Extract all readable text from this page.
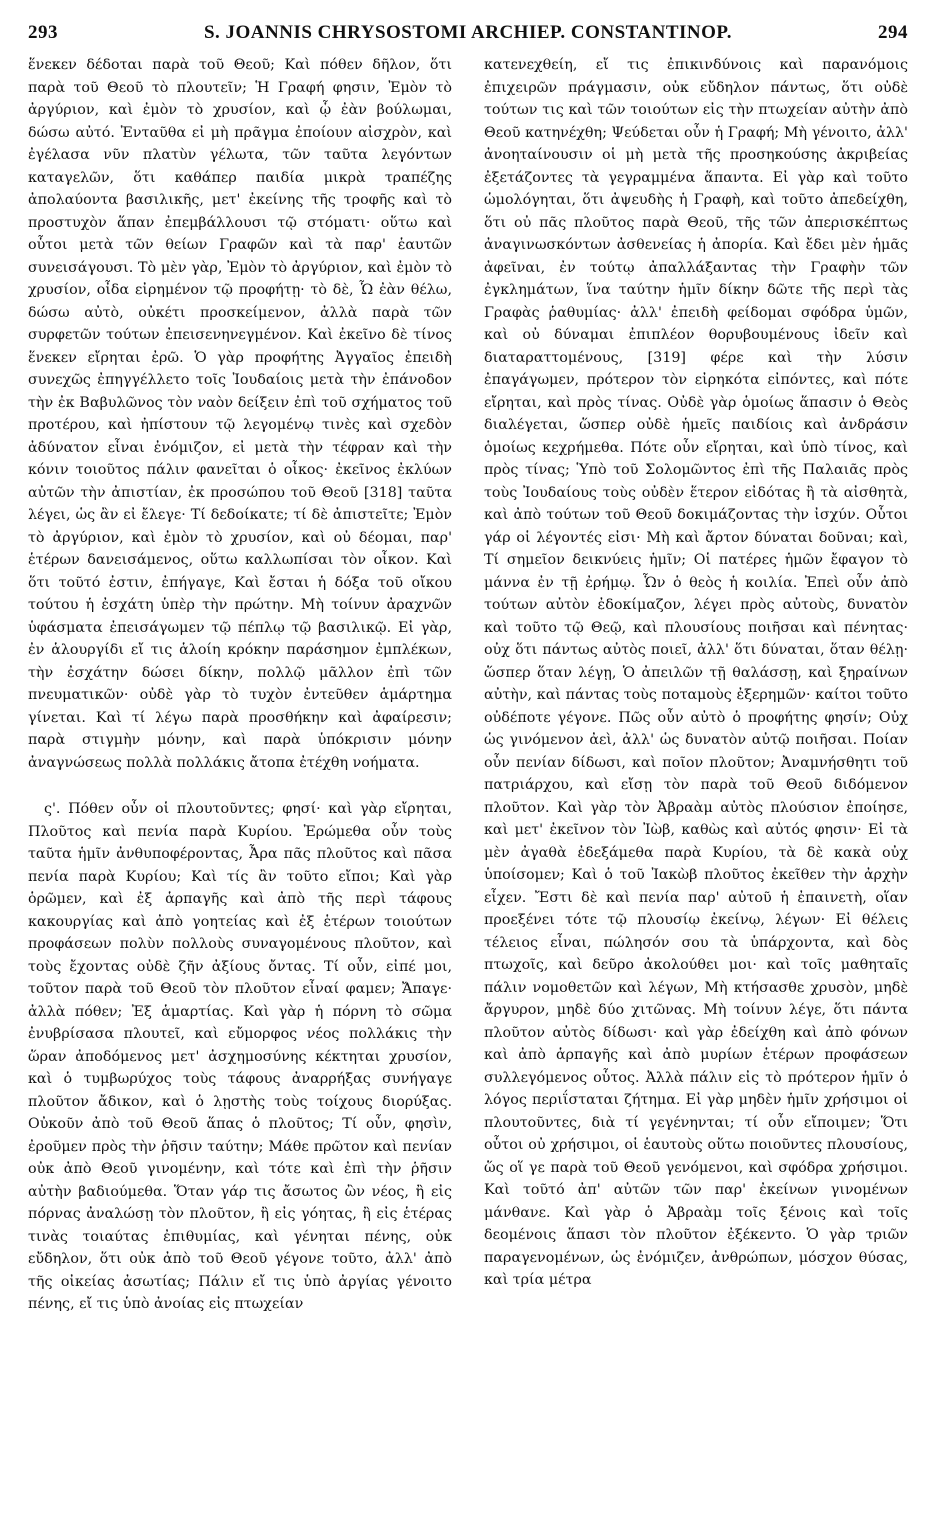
293	S. JOANNIS CHRYSOSTOMI ARCHIEP. CONSTANTINOP.	294

ἕνεκεν δέδοται παρὰ τοῦ Θεοῦ; Καὶ πόθεν δῆλον, ὅτι παρὰ τοῦ Θεοῦ τὸ πλουτεῖν; Ἡ Γραφή φησιν, Ἐμὸν τὸ ἀργύριον, καὶ ἐμὸν τὸ χρυσίον, καὶ ᾧ ἐὰν βούλωμαι, δώσω αὐτό. Ἐνταῦθα εἰ μὴ πρᾶγμα ἐποίουν αἰσχρὸν, καὶ ἐγέλασα νῦν πλατὺν γέλωτα, τῶν ταῦτα λεγόντων καταγελῶν, ὅτι καθάπερ παιδία μικρὰ τραπέζης ἀπολαύοντα βασιλικῆς, μετ' ἐκείνης τῆς τροφῆς καὶ τὸ προστυχὸν ἅπαν ἐπεμβάλλουσι τῷ στόματι· οὕτω καὶ οὗτοι μετὰ τῶν θείων Γραφῶν καὶ τὰ παρ' ἑαυτῶν συνεισάγουσι. Τὸ μὲν γὰρ, Ἐμὸν τὸ ἀργύριον, καὶ ἐμὸν τὸ χρυσίον, οἶδα εἰρημένον τῷ προφήτῃ· τὸ δὲ, Ὧ ἐὰν θέλω, δώσω αὐτὸ, οὐκέτι προσκείμενον, ἀλλὰ παρὰ τῶν συρφετῶν τούτων ἐπεισενηνεγμένον. Καὶ ἐκεῖνο δὲ τίνος ἕνεκεν εἴρηται ἐρῶ. Ὁ γὰρ προφήτης Ἀγγαῖος ἐπειδὴ συνεχῶς ἐπηγγέλλετο τοῖς Ἰουδαίοις μετὰ τὴν ἐπάνοδον τὴν ἐκ Βαβυλῶνος τὸν ναὸν δείξειν ἐπὶ τοῦ σχήματος τοῦ προτέρου, καὶ ἠπίστουν τῷ λεγομένῳ τινὲς καὶ σχεδὸν ἀδύνατον εἶναι ἐνόμιζον, εἰ μετὰ τὴν τέφραν καὶ τὴν κόνιν τοιοῦτος πάλιν φανεῖται ὁ οἶκος· ἐκεῖνος ἐκλύων αὐτῶν τὴν ἀπιστίαν, ἐκ προσώπου τοῦ Θεοῦ [318] ταῦτα λέγει, ὡς ἂν εἰ ἔλεγε· Τί δεδοίκατε; τί δὲ ἀπιστεῖτε; Ἐμὸν τὸ ἀργύριον, καὶ ἐμὸν τὸ χρυσίον, καὶ οὐ δέομαι, παρ' ἑτέρων δανεισάμενος, οὕτω καλλωπίσαι τὸν οἶκον. Καὶ ὅτι τοῦτό ἐστιν, ἐπήγαγε, Καὶ ἔσται ἡ δόξα τοῦ οἴκου τούτου ἡ ἐσχάτη ὑπὲρ τὴν πρώτην. Μὴ τοίνυν ἀραχνῶν ὑφάσματα ἐπεισάγωμεν τῷ πέπλῳ τῷ βασιλικῷ. Εἰ γὰρ, ἐν ἁλουργίδι εἴ τις ἁλοίη κρόκην παράσημον ἐμπλέκων, τὴν ἐσχάτην δώσει δίκην, πολλῷ μᾶλλον ἐπὶ τῶν πνευματικῶν· οὐδὲ γὰρ τὸ τυχὸν ἐντεῦθεν ἁμάρτημα γίνεται. Καὶ τί λέγω παρὰ προσθήκην καὶ ἀφαίρεσιν; παρὰ στιγμὴν μόνην, καὶ παρὰ ὑπόκρισιν μόνην ἀναγνώσεως πολλὰ πολλάκις ἄτοπα ἐτέχθη νοήματα.

ς'. Πόθεν οὖν οἱ πλουτοῦντες; φησί· καὶ γὰρ εἴρηται, Πλοῦτος καὶ πενία παρὰ Κυρίου. Ἐρώμεθα οὖν τοὺς ταῦτα ἡμῖν ἀνθυποφέροντας, Ἆρα πᾶς πλοῦτος καὶ πᾶσα πενία παρὰ Κυρίου; Καὶ τίς ἂν τοῦτο εἴποι; Καὶ γὰρ ὁρῶμεν, καὶ ἐξ ἁρπαγῆς καὶ ἀπὸ τῆς περὶ τάφους κακουργίας καὶ ἀπὸ γοητείας καὶ ἐξ ἑτέρων τοιούτων προφάσεων πολὺν πολλοὺς συναγομένους πλοῦτον, καὶ τοὺς ἔχοντας οὐδὲ ζῆν ἀξίους ὄντας. Τί οὖν, εἰπέ μοι, τοῦτον παρὰ τοῦ Θεοῦ τὸν πλοῦτον εἶναί φαμεν; Ἄπαγε· ἀλλὰ πόθεν; Ἐξ ἁμαρτίας. Καὶ γὰρ ἡ πόρνη τὸ σῶμα ἐνυβρίσασα πλουτεῖ, καὶ εὔμορφος νέος πολλάκις τὴν ὥραν ἀποδόμενος μετ' ἀσχημοσύνης κέκτηται χρυσίον, καὶ ὁ τυμβωρύχος τοὺς τάφους ἀναρρήξας συνήγαγε πλοῦτον ἄδικον, καὶ ὁ λῃστὴς τοὺς τοίχους διορύξας. Οὐκοῦν ἀπὸ τοῦ Θεοῦ ἅπας ὁ πλοῦτος; Τί οὖν, φησὶν, ἐροῦμεν πρὸς τὴν ῥῆσιν ταύτην; Μάθε πρῶτον καὶ πενίαν οὐκ ἀπὸ Θεοῦ γινομένην, καὶ τότε καὶ ἐπὶ τὴν ῥῆσιν αὐτὴν βαδιούμεθα. Ὅταν γάρ τις ἄσωτος ὢν νέος, ἢ εἰς πόρνας ἀναλώσῃ τὸν πλοῦτον, ἢ εἰς γόητας, ἢ εἰς ἑτέρας τινὰς τοιαύτας ἐπιθυμίας, καὶ γένηται πένης, οὐκ εὔδηλον, ὅτι οὐκ ἀπὸ τοῦ Θεοῦ γέγονε τοῦτο, ἀλλ' ἀπὸ τῆς οἰκείας ἀσωτίας; Πάλιν εἴ τις ὑπὸ ἀργίας γένοιτο πένης, εἴ τις ὑπὸ ἀνοίας εἰς πτωχείαν

κατενεχθείη, εἴ τις ἐπικινδύνοις καὶ παρανόμοις ἐπιχειρῶν πράγμασιν, οὐκ εὔδηλον πάντως, ὅτι οὐδὲ τούτων τις καὶ τῶν τοιούτων εἰς τὴν πτωχείαν αὐτὴν ἀπὸ Θεοῦ κατηνέχθη; Ψεύδεται οὖν ἡ Γραφή; Μὴ γένοιτο, ἀλλ' ἀνοηταίνουσιν οἱ μὴ μετὰ τῆς προσηκούσης ἀκριβείας ἐξετάζοντες τὰ γεγραμμένα ἅπαντα. Εἰ γὰρ καὶ τοῦτο ὡμολόγηται, ὅτι ἀψευδὴς ἡ Γραφὴ, καὶ τοῦτο ἀπεδείχθη, ὅτι οὐ πᾶς πλοῦτος παρὰ Θεοῦ, τῆς τῶν ἀπερισκέπτως ἀναγινωσκόντων ἀσθενείας ἡ ἀπορία. Καὶ ἔδει μὲν ἡμᾶς ἀφεῖναι, ἐν τούτῳ ἀπαλλάξαντας τὴν Γραφὴν τῶν ἐγκλημάτων, ἵνα ταύτην ἡμῖν δίκην δῶτε τῆς περὶ τὰς Γραφὰς ῥαθυμίας· ἀλλ' ἐπειδὴ φείδομαι σφόδρα ὑμῶν, καὶ οὐ δύναμαι ἐπιπλέον θορυβουμένους ἰδεῖν καὶ διαταραττομένους, [319] φέρε καὶ τὴν λύσιν ἐπαγάγωμεν, πρότερον τὸν εἰρηκότα εἰπόντες, καὶ πότε εἴρηται, καὶ πρὸς τίνας. Οὐδὲ γὰρ ὁμοίως ἅπασιν ὁ Θεὸς διαλέγεται, ὥσπερ οὐδὲ ἡμεῖς παιδίοις καὶ ἀνδράσιν ὁμοίως κεχρήμεθα. Πότε οὖν εἴρηται, καὶ ὑπὸ τίνος, καὶ πρὸς τίνας; Ὑπὸ τοῦ Σολομῶντος ἐπὶ τῆς Παλαιᾶς πρὸς τοὺς Ἰουδαίους τοὺς οὐδὲν ἕτερον εἰδότας ἢ τὰ αἰσθητὰ, καὶ ἀπὸ τούτων τοῦ Θεοῦ δοκιμάζοντας τὴν ἰσχύν. Οὗτοι γάρ οἱ λέγοντές εἰσι· Μὴ καὶ ἄρτον δύναται δοῦναι; καὶ, Τί σημεῖον δεικνύεις ἡμῖν; Οἱ πατέρες ἡμῶν ἔφαγον τὸ μάννα ἐν τῇ ἐρήμῳ. Ὧν ὁ θεὸς ἡ κοιλία. Ἐπεὶ οὖν ἀπὸ τούτων αὐτὸν ἐδοκίμαζον, λέγει πρὸς αὐτοὺς, δυνατὸν καὶ τοῦτο τῷ Θεῷ, καὶ πλουσίους ποιῆσαι καὶ πένητας· οὐχ ὅτι πάντως αὐτὸς ποιεῖ, ἀλλ' ὅτι δύναται, ὅταν θέλῃ· ὥσπερ ὅταν λέγῃ, Ὁ ἀπειλῶν τῇ θαλάσσῃ, καὶ ξηραίνων αὐτὴν, καὶ πάντας τοὺς ποταμοὺς ἐξερημῶν· καίτοι τοῦτο οὐδέποτε γέγονε. Πῶς οὖν αὐτὸ ὁ προφήτης φησίν; Οὐχ ὡς γινόμενον ἀεὶ, ἀλλ' ὡς δυνατὸν αὐτῷ ποιῆσαι. Ποίαν οὖν πενίαν δίδωσι, καὶ ποῖον πλοῦτον; Ἀναμνήσθητι τοῦ πατριάρχου, καὶ εἴσῃ τὸν παρὰ τοῦ Θεοῦ διδόμενον πλοῦτον. Καὶ γὰρ τὸν Ἀβραὰμ αὐτὸς πλούσιον ἐποίησε, καὶ μετ' ἐκεῖνον τὸν Ἰὼβ, καθὼς καὶ αὐτός φησιν· Εἰ τὰ μὲν ἀγαθὰ ἐδεξάμεθα παρὰ Κυρίου, τὰ δὲ κακὰ οὐχ ὑποίσομεν; Καὶ ὁ τοῦ Ἰακὼβ πλοῦτος ἐκεῖθεν τὴν ἀρχὴν εἶχεν. Ἔστι δὲ καὶ πενία παρ' αὐτοῦ ἡ ἐπαινετὴ, οἵαν προεξένει τότε τῷ πλουσίῳ ἐκείνῳ, λέγων· Εἰ θέλεις τέλειος εἶναι, πώλησόν σου τὰ ὑπάρχοντα, καὶ δὸς πτωχοῖς, καὶ δεῦρο ἀκολούθει μοι· καὶ τοῖς μαθηταῖς πάλιν νομοθετῶν καὶ λέγων, Μὴ κτήσασθε χρυσὸν, μηδὲ ἄργυρον, μηδὲ δύο χιτῶνας. Μὴ τοίνυν λέγε, ὅτι πάντα πλοῦτον αὐτὸς δίδωσι· καὶ γὰρ ἐδείχθη καὶ ἀπὸ φόνων καὶ ἀπὸ ἁρπαγῆς καὶ ἀπὸ μυρίων ἑτέρων προφάσεων συλλεγόμενος οὗτος. Ἀλλὰ πάλιν εἰς τὸ πρότερον ἡμῖν ὁ λόγος περιΐσταται ζήτημα. Εἰ γὰρ μηδὲν ἡμῖν χρήσιμοι οἱ πλουτοῦντες, διὰ τί γεγένηνται; τί οὖν εἴποιμεν; Ὅτι οὗτοι οὐ χρήσιμοι, οἱ ἑαυτοὺς οὕτω ποιοῦντες πλουσίους, ὥς οἵ γε παρὰ τοῦ Θεοῦ γενόμενοι, καὶ σφόδρα χρήσιμοι. Καὶ τοῦτό ἀπ' αὐτῶν τῶν παρ' ἐκείνων γινομένων μάνθανε. Καὶ γὰρ ὁ Ἀβραὰμ τοῖς ξένοις καὶ τοῖς δεομένοις ἅπασι τὸν πλοῦτον ἐξέκεντο. Ὁ γὰρ τριῶν παραγενομένων, ὡς ἐνόμιζεν, ἀνθρώπων, μόσχον θύσας, καὶ τρία μέτρα
